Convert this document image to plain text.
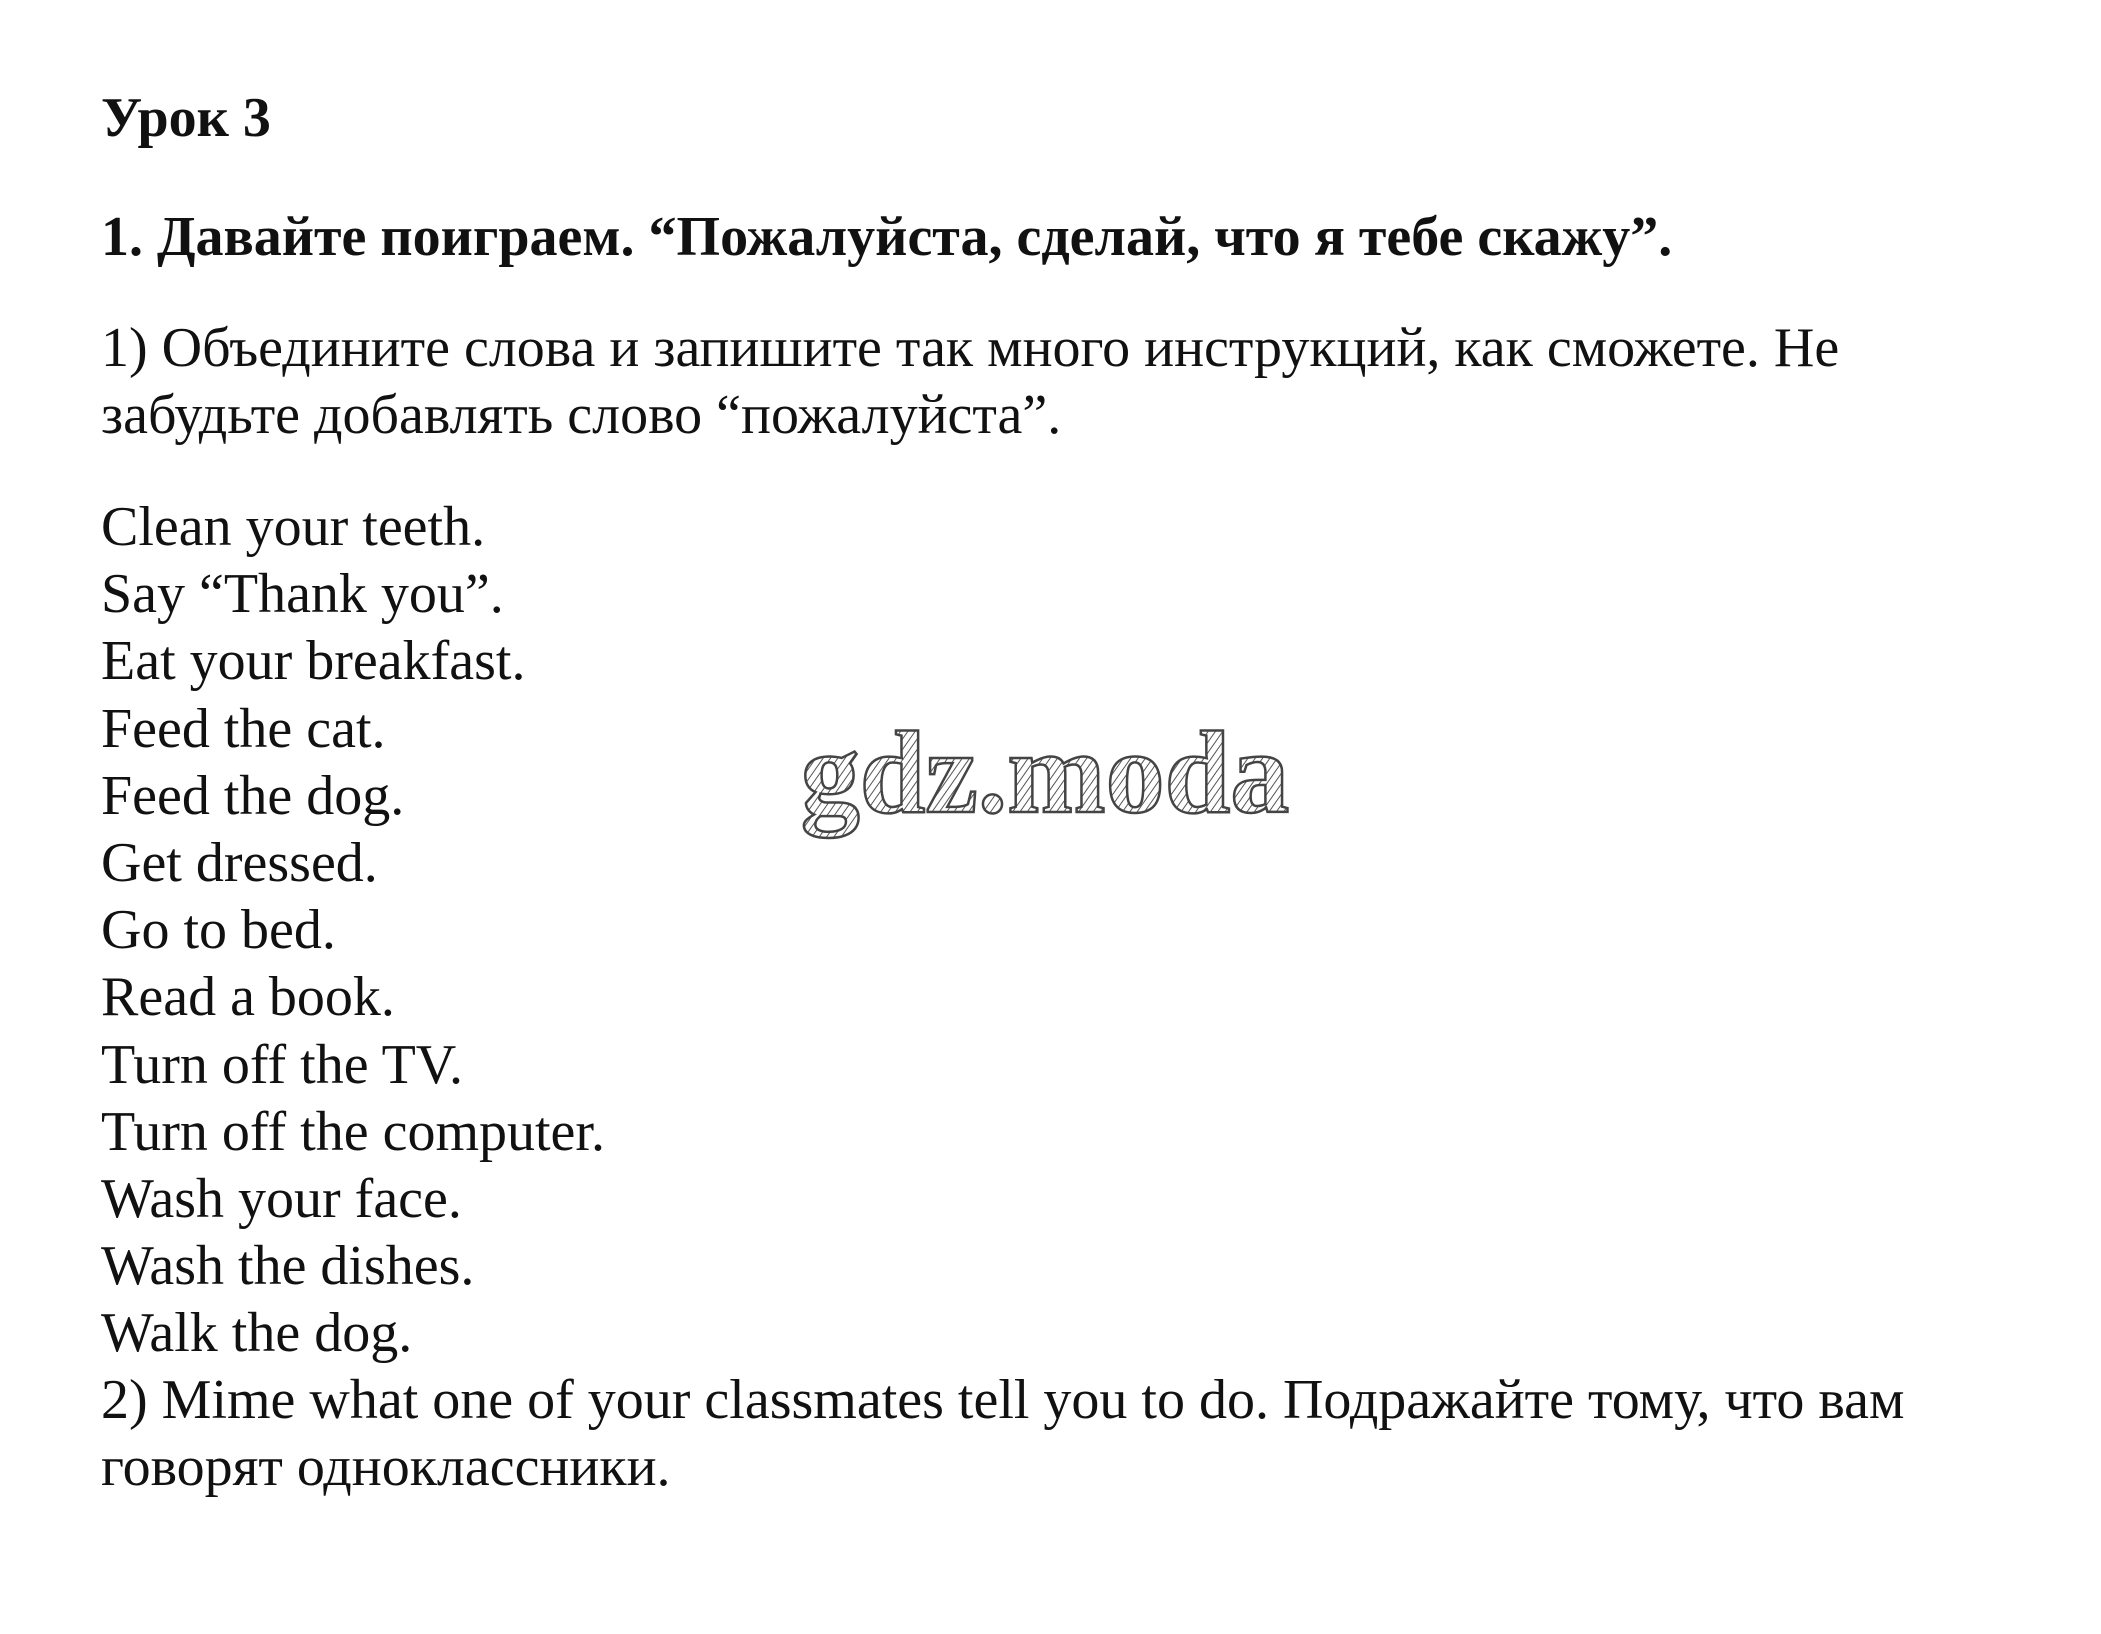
Урок 3
1. Давайте поиграем. “Пожалуйста, сделай, что я тебе скажу”.
1) Объедините слова и запишите так много инструкций, как сможете. Не
забудьте добавлять слово “пожалуйста”.
Clean your teeth.
Say “Thank you”.
Eat your breakfast.
Feed the cat.
Feed the dog.
Get dressed.
Go to bed.
Read a book.
Turn off the TV.
Turn off the computer.
Wash your face.
Wash the dishes.
Walk the dog.
2) Mime what one of your classmates tell you to do. Подражайте тому, что вам
говорят одноклассники.
gdz.moda
